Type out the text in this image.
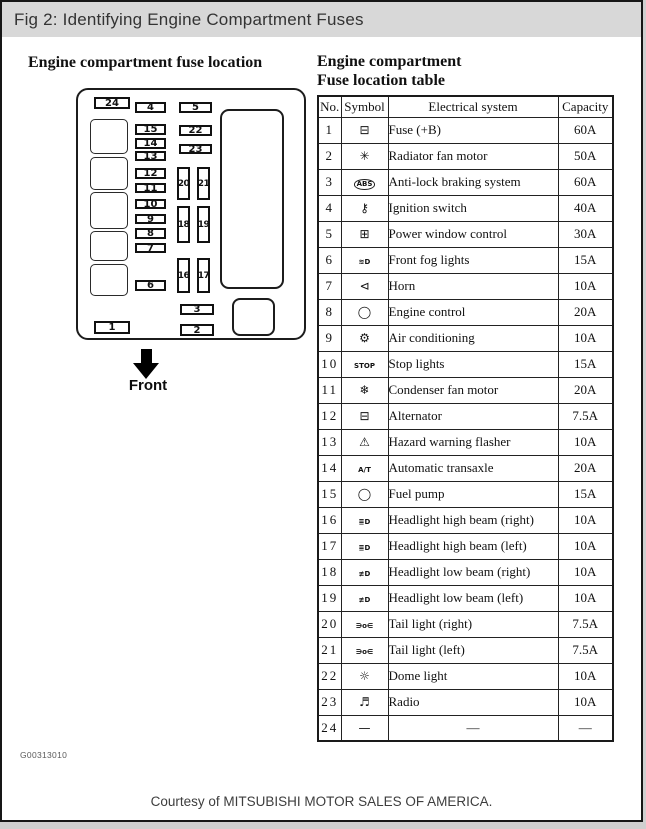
Fig 2: Identifying Engine Compartment Fuses
Engine compartment fuse location	Engine compartment
Fuse location table
Front
G00313010
24	4
15
14
13
12
11
10
9
8
7
6
5
22
23
20 21
18 19
16 17
3
2
1
No.	Symbol	Electrical system	Capacity
1	⊟	Fuse (+B)	60A
2	✳	Radiator fan motor	50A
3	ABS	Anti-lock braking system	60A
4	⚷	Ignition switch	40A
5	⊞	Power window control	30A
6	≋D	Front fog lights	15A
7	⊲	Horn	10A
8	◯	Engine control	20A
9	⚙	Air conditioning	10A
10	STOP	Stop lights	15A
11	❄	Condenser fan motor	20A
12	⊟	Alternator	7.5A
13	⚠	Hazard warning flasher	10A
14	A/T	Automatic transaxle	20A
15	◯	Fuel pump	15A
16	≣D	Headlight high beam (right)	10A
17	≣D	Headlight high beam (left)	10A
18	≢D	Headlight low beam (right)	10A
19	≢D	Headlight low beam (left)	10A
20	∋o∈	Tail light (right)	7.5A
21	∋o∈	Tail light (left)	7.5A
22	☼	Dome light	10A
23	♬	Radio	10A
24	—	—	—
Courtesy of MITSUBISHI MOTOR SALES OF AMERICA.
